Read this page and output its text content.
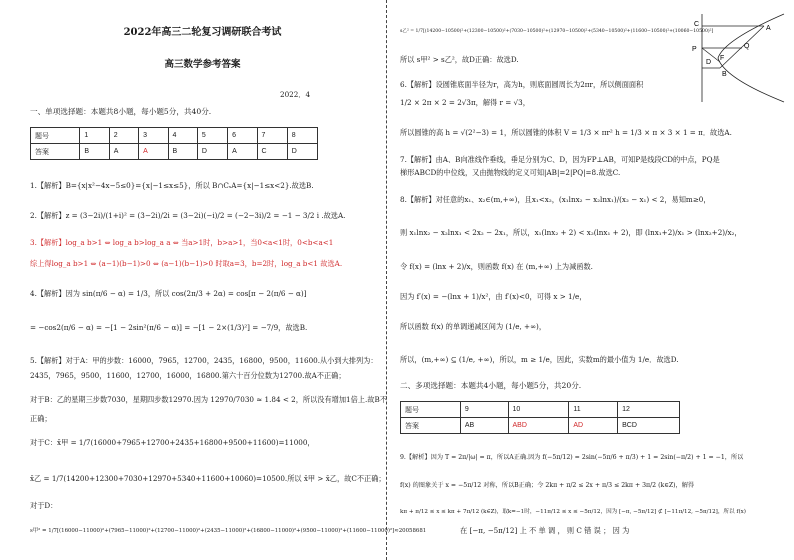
2022年高三二轮复习调研联合考试
高三数学参考答案
2022．4
一、单项选择题：本题共8小题，每小题5分，共40分.
题号	1	2	3	4	5	6	7	8
答案	B	A	A	B	D	A	C	D
1.【解析】B={x|x²−4x−5≤0}={x|−1≤x≤5}，所以 B∩CₛA={x|−1≤x<2}.故选B.
2.【解析】z = (3−2i)/(1+i)² = (3−2i)/2i = (3−2i)(−i)/2 = (−2−3i)/2 = −1 − 3/2 i .故选A.
3.【解析】log_a b>1 ⇔ log_a b>log_a a ⇔ 当a>1时，b>a>1，当0<a<1时，0<b<a<1
综上得log_a b>1 ⇔ (a−1)(b−1)>0 ⇔ (a−1)(b−1)>0 时取a=3，b=2时，log_a b<1 故选A.
4.【解析】因为 sin(π/6 − α) = 1/3，所以 cos(2π/3 + 2α) = cos[π − 2(π/6 − α)]
= −cos2(π/6 − α) = −[1 − 2sin²(π/6 − α)] = −[1 − 2×(1/3)²] = −7/9，故选B.
5.【解析】对于A：甲的步数：16000，7965，12700，2435，16800，9500，11600.从小到大排列为：
2435，7965，9500，11600，12700，16000，16800.第六十百分位数为12700.故A不正确；
对于B：乙的星期三步数7030，星期四步数12970.因为 12970/7030 ≈ 1.84 < 2，所以没有增加1倍上.故B不
正确；
对于C：x̄甲 = 1/7(16000+7965+12700+2435+16800+9500+11600)=11000，
x̄乙 = 1/7(14200+12300+7030+12970+5340+11600+10060)=10500.所以 x̄甲 > x̄乙，故C不正确；
对于D：
s甲² = 1/7[(16000−11000)²+(7965−11000)²+(12700−11000)²+(2435−11000)²+(16800−11000)²+(9500−11000)²+(11600−11000)²]≈20058681
s乙² = 1/7[(14200−10500)²+(12300−10500)²+(7030−10500)²+(12970−10500)²+(5340−10500)²+(11600−10500)²+(10060−10500)²]
所以 s甲² > s乙²，故D正确：故选D.
6.【解析】设圆锥底面半径为r，高为h，则底面圆周长为2πr，所以侧面面积
1/2 × 2π × 2 = 2√3π，解得 r = √3，
所以圆锥的高 h = √(2²−3) = 1，所以圆锥的体积 V = 1/3 × πr² h = 1/3 × π × 3 × 1 = π．故选A.
7.【解析】由A、B向准线作垂线，垂足分别为C、D，因为FP⊥AB，可知P是线段CD的中点，PQ是
梯形ABCD的中位线，又由抛物线的定义可知|AB|=2|PQ|=8.故选C.
8.【解析】对任意的x₁、x₂∈(m,+∞)，且x₁<x₂，(x₁lnx₂ − x₂lnx₁)/(x₂ − x₁) < 2，易知m≥0，
则 x₁lnx₂ − x₂lnx₁ < 2x₂ − 2x₁，所以，x₁(lnx₂ + 2) < x₂(lnx₁ + 2)，即 (lnx₁+2)/x₁ > (lnx₂+2)/x₂，
令 f(x) = (lnx + 2)/x，则函数 f(x) 在 (m,+∞) 上为减函数.
因为 f′(x) = −(lnx + 1)/x²，由 f′(x)<0，可得 x > 1/e，
所以函数 f(x) 的单调递减区间为 (1/e, +∞)，
所以，(m,+∞) ⊆ (1/e, +∞)，所以，m ≥ 1/e，因此，实数m的最小值为 1/e．故选D.
二、多项选择题：本题共4小题，每小题5分，共20分.
题号	9	10	11	12
答案	AB	ABD	AD	BCD
9.【解析】因为 T = 2π/|ω| = π，所以A正确.因为 f(−5π/12) = 2sin(−5π/6 + π/3) + 1 = 2sin(−π/2) + 1 = −1，所以
f(x) 的图象关于 x = −5π/12 对称，所以B正确；令 2kπ + π/2 ≤ 2x + π/3 ≤ 2kπ + 3π/2 (k∈Z)，解得
kπ + π/12 ≤ x ≤ kπ + 7π/12 (k∈Z)，取k=−1时，−11π/12 ≤ x ≤ −5π/12，因为 [−π, −5π/12] ⊄ [−11π/12, −5π/12]，所以 f(x)
在 [−π, −5π/12] 上 不 单 调 ， 则 C 错 误 ； 因 为
C
A
P
F
Q
D
B
